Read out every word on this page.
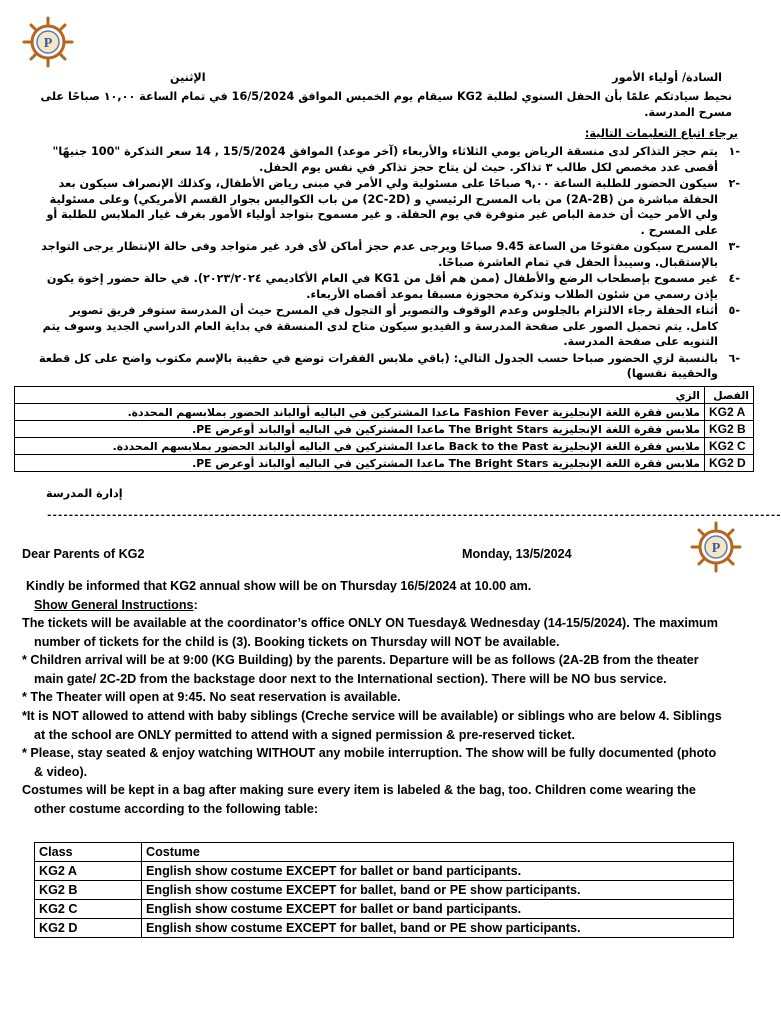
P
P
السادة/ أولياء الأمور
الإثنين
نحيط سيادتكم علمًا بأن الحفل السنوي لطلبة KG2 سيقام يوم الخميس الموافق 16/5/2024 في تمام الساعة ١٠,٠٠ صباحًا على مسرح المدرسة.
برجاء اتباع التعليمات التالية:
-١
يتم حجز التذاكر لدى منسقة الرياض يومي الثلاثاء والأربعاء (آخر موعد) الموافق 15/5/2024 , 14 سعر التذكرة "100 جنيهًا" أقصى عدد مخصص لكل طالب ٣ تذاكر. حيث لن يتاح حجز تذاكر في نفس يوم الحفل.
-٢
سيكون الحضور للطلبة الساعة ٩,٠٠ صباحًا على مسئولية ولي الأمر في مبنى رياض الأطفال، وكذلك الإنصراف سيكون بعد الحفلة مباشرة من (2A-2B) من باب المسرح الرئيسي و (2C-2D) من باب الكواليس بجوار القسم الأمريكي) وعلى مسئولية ولي الأمر حيث أن خدمة الباص غير متوفرة في يوم الحفلة. و غير مسموح بتواجد أولياء الأمور بغرف غيار الملابس للطلبة أو على المسرح .
-٣
المسرح سيكون مفتوحًا من الساعة 9.45 صباحًا ويرجى عدم حجز أماكن لأى فرد غير متواجد وفى حالة الإنتظار يرجى التواجد بالإستقبال. وسيبدأ الحفل في تمام العاشرة صباحًا.
-٤
غير مسموح بإصطحاب الرضع والأطفال (ممن هم أقل من KG1 في العام الأكاديمي ٢٠٢٣/٢٠٢٤). في حالة حضور إخوة يكون بإذن رسمي من شئون الطلاب وتذكرة محجوزة مسبقا بموعد أقصاه الأربعاء.
-٥
أثناء الحفلة رجاء الالتزام بالجلوس وعدم الوقوف والتصوير أو التجول في المسرح حيث أن المدرسة ستوفر فريق تصوير كامل. يتم تحميل الصور على صفحة المدرسة و الفيديو سيكون متاح لدى المنسقة في بداية العام الدراسي الجديد وسوف يتم التنويه على صفحة المدرسة.
-٦
بالنسبة لزي الحضور صباحا حسب الجدول التالي: (باقي ملابس الفقرات توضع في حقيبة بالإسم مكتوب واضح على كل قطعة والحقيبة نفسها)
الفصل	الزي
KG2 A	ملابس فقرة اللغة الإنجليزية Fashion Fever ماعدا المشتركين في الباليه أوالباند الحضور بملابسهم المحددة.
KG2 B	ملابس فقرة اللغة الإنجليزية The Bright Stars ماعدا المشتركين في الباليه أوالباند أوعرض PE.
KG2 C	ملابس فقرة اللغة الإنجليزية Back to the Past ماعدا المشتركين في الباليه أوالباند الحضور بملابسهم المحددة.
KG2 D	ملابس فقرة اللغة الإنجليزية The Bright Stars ماعدا المشتركين في الباليه أوالباند أوعرض PE.
إدارة المدرسة
----------------------------------------------------------------------------------------------------------------------------------------
Dear Parents of KG2	Monday, 13/5/2024
Kindly be informed that KG2 annual show will be on Thursday 16/5/2024 at 10.00 am.
Show General Instructions:
The tickets will be available at the coordinator’s office ONLY ON Tuesday& Wednesday (14-15/5/2024). The maximum number of tickets for the child is (3). Booking tickets on Thursday will NOT be available.
* Children arrival will be at 9:00 (KG Building) by the parents. Departure will be as follows (2A-2B from the theater main gate/ 2C-2D from the backstage door next to the International section). There will be NO bus service.
* The Theater will open at 9:45. No seat reservation is available.
*It is NOT allowed to attend with baby siblings (Creche service will be available) or siblings who are below 4. Siblings at the school are ONLY permitted to attend with a signed permission & pre-reserved ticket.
* Please, stay seated & enjoy watching WITHOUT any mobile interruption. The show will be fully documented (photo & video).
Costumes will be kept in a bag after making sure every item is labeled & the bag, too. Children come wearing the other costume according to the following table:
Class	Costume
KG2 A	English show costume EXCEPT for ballet or band participants.
KG2 B	English show costume EXCEPT for ballet, band or PE show participants.
KG2 C	English show costume EXCEPT for ballet or band participants.
KG2 D	English show costume EXCEPT for ballet, band or PE show participants.
